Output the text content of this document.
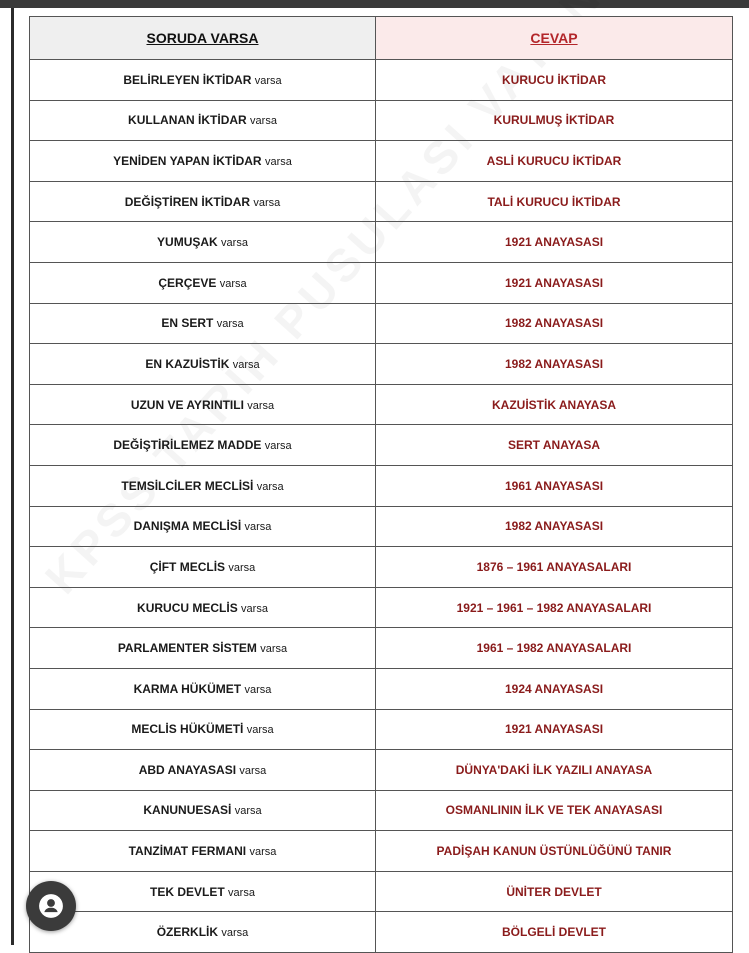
SORUDA VARSA	CEVAP
BELİRLEYEN İKTİDAR varsa	KURUCU İKTİDAR
KULLANAN İKTİDAR varsa	KURULMUŞ İKTİDAR
YENİDEN YAPAN İKTİDAR varsa	ASLİ KURUCU İKTİDAR
DEĞİŞTİREN İKTİDAR varsa	TALİ KURUCU İKTİDAR
YUMUŞAK varsa	1921 ANAYASASI
ÇERÇEVE varsa	1921 ANAYASASI
EN SERT varsa	1982 ANAYASASI
EN KAZUİSTİK varsa	1982 ANAYASASI
UZUN VE AYRINTILI varsa	KAZUİSTİK ANAYASA
DEĞİŞTİRİLEMEZ MADDE varsa	SERT ANAYASA
TEMSİLCİLER MECLİSİ varsa	1961 ANAYASASI
DANIŞMA MECLİSİ varsa	1982 ANAYASASI
ÇİFT MECLİS varsa	1876 – 1961 ANAYASALARI
KURUCU MECLİS varsa	1921 – 1961 – 1982 ANAYASALARI
PARLAMENTER SİSTEM varsa	1961 – 1982 ANAYASALARI
KARMA HÜKÜMET varsa	1924 ANAYASASI
MECLİS HÜKÜMETİ varsa	1921 ANAYASASI
ABD ANAYASASI varsa	DÜNYA'DAKİ İLK YAZILI ANAYASA
KANUNUESASİ varsa	OSMANLININ İLK VE TEK ANAYASASI
TANZİMAT FERMANI varsa	PADİŞAH KANUN ÜSTÜNLÜĞÜNÜ TANIR
TEK DEVLET varsa	ÜNİTER DEVLET
ÖZERKLİK varsa	BÖLGELİ DEVLET
